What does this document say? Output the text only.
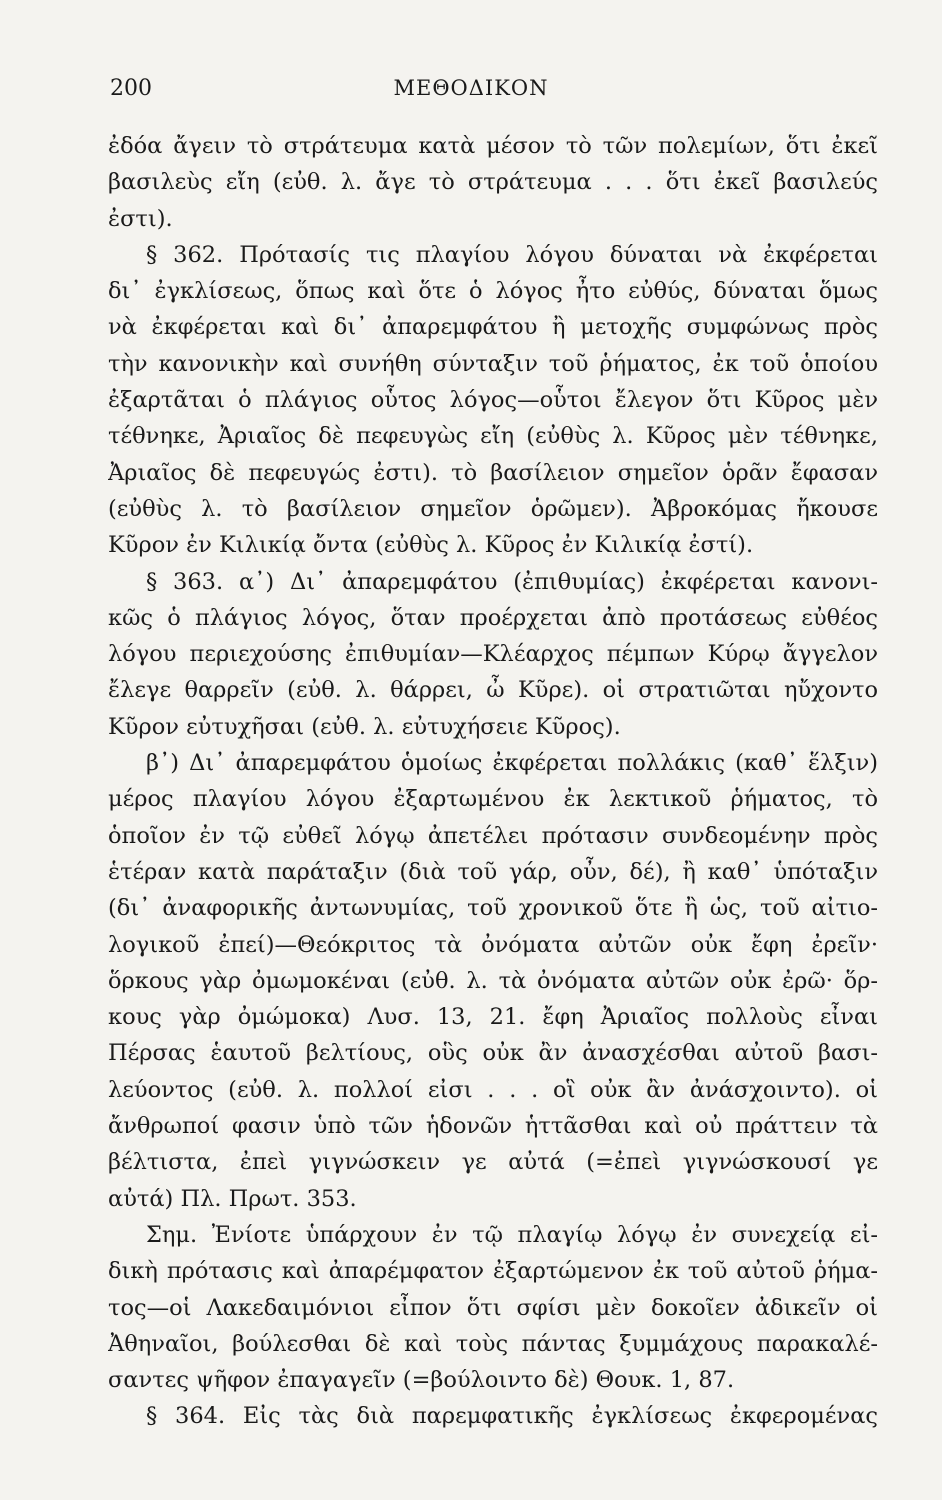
200	ΜΕΘΟΔΙΚΟΝ
ἐδόα ἄγειν τὸ στράτευμα κατὰ μέσον τὸ τῶν πολεμίων, ὅτι ἐκεῖ
βασιλεὺς εἴη (εὐθ. λ. ἄγε τὸ στράτευμα . . . ὅτι ἐκεῖ βασιλεύς
ἐστι).
§ 362. Πρότασίς τις πλαγίου λόγου δύναται νὰ ἐκφέρεται
δι᾽ ἐγκλίσεως, ὅπως καὶ ὅτε ὁ λόγος ἦτο εὐθύς, δύναται ὅμως
νὰ ἐκφέρεται καὶ δι᾽ ἀπαρεμφάτου ἢ μετοχῆς συμφώνως πρὸς
τὴν κανονικὴν καὶ συνήθη σύνταξιν τοῦ ῥήματος, ἐκ τοῦ ὁποίου
ἐξαρτᾶται ὁ πλάγιος οὗτος λόγος—οὗτοι ἔλεγον ὅτι Κῦρος μὲν
τέθνηκε, Ἀριαῖος δὲ πεφευγὼς εἴη (εὐθὺς λ. Κῦρος μὲν τέθνηκε,
Ἀριαῖος δὲ πεφευγώς ἐστι). τὸ βασίλειον σημεῖον ὁρᾶν ἔφασαν
(εὐθὺς λ. τὸ βασίλειον σημεῖον ὁρῶμεν). Ἀβροκόμας ἤκουσε
Κῦρον ἐν Κιλικίᾳ ὄντα (εὐθὺς λ. Κῦρος ἐν Κιλικίᾳ ἐστί).
§ 363. α᾽) Δι᾽ ἀπαρεμφάτου (ἐπιθυμίας) ἐκφέρεται κανονι-
κῶς ὁ πλάγιος λόγος, ὅταν προέρχεται ἀπὸ προτάσεως εὐθέος
λόγου περιεχούσης ἐπιθυμίαν—Κλέαρχος πέμπων Κύρῳ ἄγγελον
ἔλεγε θαρρεῖν (εὐθ. λ. θάρρει, ὦ Κῦρε). οἱ στρατιῶται ηὔχοντο
Κῦρον εὐτυχῆσαι (εὐθ. λ. εὐτυχήσειε Κῦρος).
β᾽) Δι᾽ ἀπαρεμφάτου ὁμοίως ἐκφέρεται πολλάκις (καθ᾽ ἕλξιν)
μέρος πλαγίου λόγου ἐξαρτωμένου ἐκ λεκτικοῦ ῥήματος, τὸ
ὁποῖον ἐν τῷ εὐθεῖ λόγῳ ἀπετέλει πρότασιν συνδεομένην πρὸς
ἑτέραν κατὰ παράταξιν (διὰ τοῦ γάρ, οὖν, δέ), ἢ καθ᾽ ὑπόταξιν
(δι᾽ ἀναφορικῆς ἀντωνυμίας, τοῦ χρονικοῦ ὅτε ἢ ὡς, τοῦ αἰτιο-
λογικοῦ ἐπεί)—Θεόκριτος τὰ ὀνόματα αὐτῶν οὐκ ἔφη ἐρεῖν·
ὅρκους γὰρ ὀμωμοκέναι (εὐθ. λ. τὰ ὀνόματα αὐτῶν οὐκ ἐρῶ· ὅρ-
κους γὰρ ὀμώμοκα) Λυσ. 13, 21. ἔφη Ἀριαῖος πολλοὺς εἶναι
Πέρσας ἑαυτοῦ βελτίους, οὓς οὐκ ἂν ἀνασχέσθαι αὐτοῦ βασι-
λεύοντος (εὐθ. λ. πολλοί εἰσι . . . οἳ οὐκ ἂν ἀνάσχοιντο). οἱ
ἄνθρωποί φασιν ὑπὸ τῶν ἡδονῶν ἡττᾶσθαι καὶ οὐ πράττειν τὰ
βέλτιστα, ἐπεὶ γιγνώσκειν γε αὐτά (=ἐπεὶ γιγνώσκουσί γε
αὐτά) Πλ. Πρωτ. 353.
Σημ. Ἐνίοτε ὑπάρχουν ἐν τῷ πλαγίῳ λόγῳ ἐν συνεχείᾳ εἰ-
δικὴ πρότασις καὶ ἀπαρέμφατον ἐξαρτώμενον ἐκ τοῦ αὐτοῦ ῥήμα-
τος—οἱ Λακεδαιμόνιοι εἶπον ὅτι σφίσι μὲν δοκοῖεν ἀδικεῖν οἱ
Ἀθηναῖοι, βούλεσθαι δὲ καὶ τοὺς πάντας ξυμμάχους παρακαλέ-
σαντες ψῆφον ἐπαγαγεῖν (=βούλοιντο δὲ) Θουκ. 1, 87.
§ 364. Εἰς τὰς διὰ παρεμφατικῆς ἐγκλίσεως ἐκφερομένας
